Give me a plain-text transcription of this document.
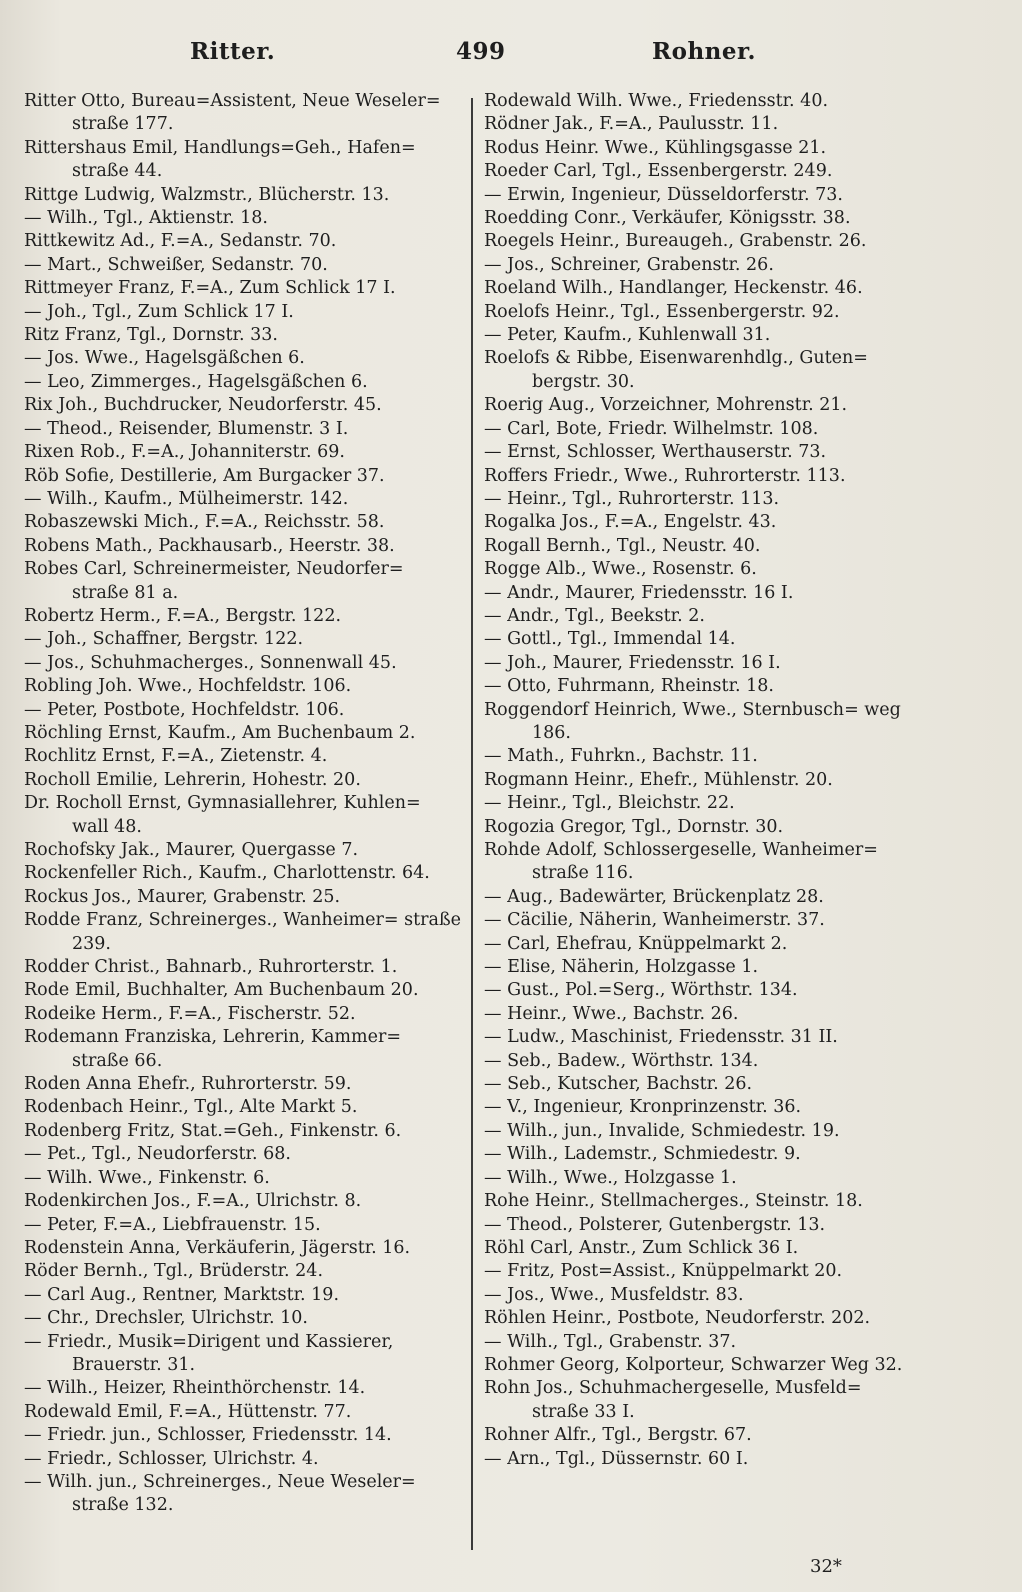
Ritter.	499	Rohner.
Ritter Otto, Bureau=Assistent, Neue Weseler= straße 177.
Rittershaus Emil, Handlungs=Geh., Hafen= straße 44.
Rittge Ludwig, Walzmstr., Blücherstr. 13.
— Wilh., Tgl., Aktienstr. 18.
Rittkewitz Ad., F.=A., Sedanstr. 70.
— Mart., Schweißer, Sedanstr. 70.
Rittmeyer Franz, F.=A., Zum Schlick 17 I.
— Joh., Tgl., Zum Schlick 17 I.
Ritz Franz, Tgl., Dornstr. 33.
— Jos. Wwe., Hagelsgäßchen 6.
— Leo, Zimmerges., Hagelsgäßchen 6.
Rix Joh., Buchdrucker, Neudorferstr. 45.
— Theod., Reisender, Blumenstr. 3 I.
Rixen Rob., F.=A., Johanniterstr. 69.
Röb Sofie, Destillerie, Am Burgacker 37.
— Wilh., Kaufm., Mülheimerstr. 142.
Robaszewski Mich., F.=A., Reichsstr. 58.
Robens Math., Packhausarb., Heerstr. 38.
Robes Carl, Schreinermeister, Neudorfer= straße 81 a.
Robertz Herm., F.=A., Bergstr. 122.
— Joh., Schaffner, Bergstr. 122.
— Jos., Schuhmacherges., Sonnenwall 45.
Robling Joh. Wwe., Hochfeldstr. 106.
— Peter, Postbote, Hochfeldstr. 106.
Röchling Ernst, Kaufm., Am Buchenbaum 2.
Rochlitz Ernst, F.=A., Zietenstr. 4.
Rocholl Emilie, Lehrerin, Hohestr. 20.
Dr. Rocholl Ernst, Gymnasiallehrer, Kuhlen= wall 48.
Rochofsky Jak., Maurer, Quergasse 7.
Rockenfeller Rich., Kaufm., Charlottenstr. 64.
Rockus Jos., Maurer, Grabenstr. 25.
Rodde Franz, Schreinerges., Wanheimer= straße 239.
Rodder Christ., Bahnarb., Ruhrorterstr. 1.
Rode Emil, Buchhalter, Am Buchenbaum 20.
Rodeike Herm., F.=A., Fischerstr. 52.
Rodemann Franziska, Lehrerin, Kammer= straße 66.
Roden Anna Ehefr., Ruhrorterstr. 59.
Rodenbach Heinr., Tgl., Alte Markt 5.
Rodenberg Fritz, Stat.=Geh., Finkenstr. 6.
— Pet., Tgl., Neudorferstr. 68.
— Wilh. Wwe., Finkenstr. 6.
Rodenkirchen Jos., F.=A., Ulrichstr. 8.
— Peter, F.=A., Liebfrauenstr. 15.
Rodenstein Anna, Verkäuferin, Jägerstr. 16.
Röder Bernh., Tgl., Brüderstr. 24.
— Carl Aug., Rentner, Marktstr. 19.
— Chr., Drechsler, Ulrichstr. 10.
— Friedr., Musik=Dirigent und Kassierer, Brauerstr. 31.
— Wilh., Heizer, Rheinthörchenstr. 14.
Rodewald Emil, F.=A., Hüttenstr. 77.
— Friedr. jun., Schlosser, Friedensstr. 14.
— Friedr., Schlosser, Ulrichstr. 4.
— Wilh. jun., Schreinerges., Neue Weseler= straße 132.
Rodewald Wilh. Wwe., Friedensstr. 40.
Rödner Jak., F.=A., Paulusstr. 11.
Rodus Heinr. Wwe., Kühlingsgasse 21.
Roeder Carl, Tgl., Essenbergerstr. 249.
— Erwin, Ingenieur, Düsseldorferstr. 73.
Roedding Conr., Verkäufer, Königsstr. 38.
Roegels Heinr., Bureaugeh., Grabenstr. 26.
— Jos., Schreiner, Grabenstr. 26.
Roeland Wilh., Handlanger, Heckenstr. 46.
Roelofs Heinr., Tgl., Essenbergerstr. 92.
— Peter, Kaufm., Kuhlenwall 31.
Roelofs & Ribbe, Eisenwarenhdlg., Guten= bergstr. 30.
Roerig Aug., Vorzeichner, Mohrenstr. 21.
— Carl, Bote, Friedr. Wilhelmstr. 108.
— Ernst, Schlosser, Werthauserstr. 73.
Roffers Friedr., Wwe., Ruhrorterstr. 113.
— Heinr., Tgl., Ruhrorterstr. 113.
Rogalka Jos., F.=A., Engelstr. 43.
Rogall Bernh., Tgl., Neustr. 40.
Rogge Alb., Wwe., Rosenstr. 6.
— Andr., Maurer, Friedensstr. 16 I.
— Andr., Tgl., Beekstr. 2.
— Gottl., Tgl., Immendal 14.
— Joh., Maurer, Friedensstr. 16 I.
— Otto, Fuhrmann, Rheinstr. 18.
Roggendorf Heinrich, Wwe., Sternbusch= weg 186.
— Math., Fuhrkn., Bachstr. 11.
Rogmann Heinr., Ehefr., Mühlenstr. 20.
— Heinr., Tgl., Bleichstr. 22.
Rogozia Gregor, Tgl., Dornstr. 30.
Rohde Adolf, Schlossergeselle, Wanheimer= straße 116.
— Aug., Badewärter, Brückenplatz 28.
— Cäcilie, Näherin, Wanheimerstr. 37.
— Carl, Ehefrau, Knüppelmarkt 2.
— Elise, Näherin, Holzgasse 1.
— Gust., Pol.=Serg., Wörthstr. 134.
— Heinr., Wwe., Bachstr. 26.
— Ludw., Maschinist, Friedensstr. 31 II.
— Seb., Badew., Wörthstr. 134.
— Seb., Kutscher, Bachstr. 26.
— V., Ingenieur, Kronprinzenstr. 36.
— Wilh., jun., Invalide, Schmiedestr. 19.
— Wilh., Lademstr., Schmiedestr. 9.
— Wilh., Wwe., Holzgasse 1.
Rohe Heinr., Stellmacherges., Steinstr. 18.
— Theod., Polsterer, Gutenbergstr. 13.
Röhl Carl, Anstr., Zum Schlick 36 I.
— Fritz, Post=Assist., Knüppelmarkt 20.
— Jos., Wwe., Musfeldstr. 83.
Röhlen Heinr., Postbote, Neudorferstr. 202.
— Wilh., Tgl., Grabenstr. 37.
Rohmer Georg, Kolporteur, Schwarzer Weg 32.
Rohn Jos., Schuhmachergeselle, Musfeld= straße 33 I.
Rohner Alfr., Tgl., Bergstr. 67.
— Arn., Tgl., Düssernstr. 60 I.
32*
